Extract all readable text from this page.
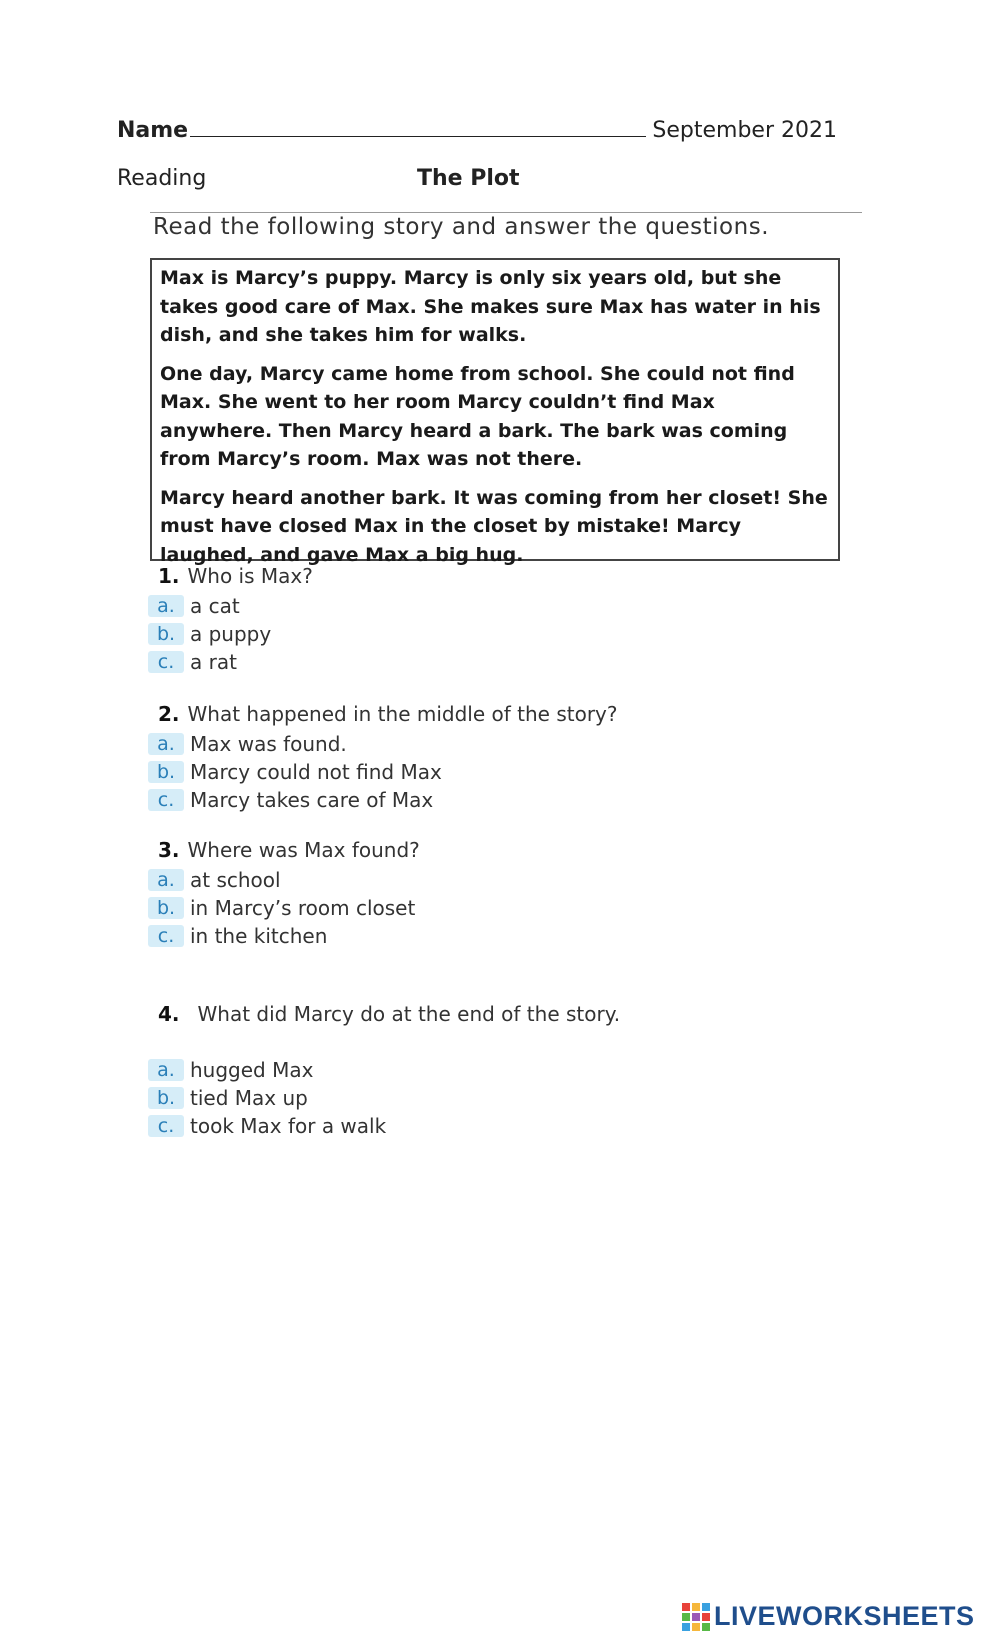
Name	September 2021
Reading	The Plot
Read the following story and answer the questions.

Max is Marcy’s puppy. Marcy is only six years old, but she takes good care of Max. She makes sure Max has water in his dish, and she takes him for walks.

One day, Marcy came home from school. She could not find Max. She went to her room Marcy couldn’t find Max anywhere. Then Marcy heard a bark. The bark was coming from Marcy’s room. Max was not there.

Marcy heard another bark. It was coming from her closet! She must have closed Max in the closet by mistake! Marcy laughed, and gave Max a big hug.

1. Who is Max?
a. a cat
b. a puppy
c. a rat
2. What happened in the middle of the story?
a. Max was found.
b. Marcy could not find Max
c. Marcy takes care of Max
3. Where was Max found?
a. at school
b. in Marcy’s room closet
c. in the kitchen
4. What did Marcy do at the end of the story.
a. hugged Max
b. tied Max up
c. took Max for a walk
LIVEWORKSHEETS
